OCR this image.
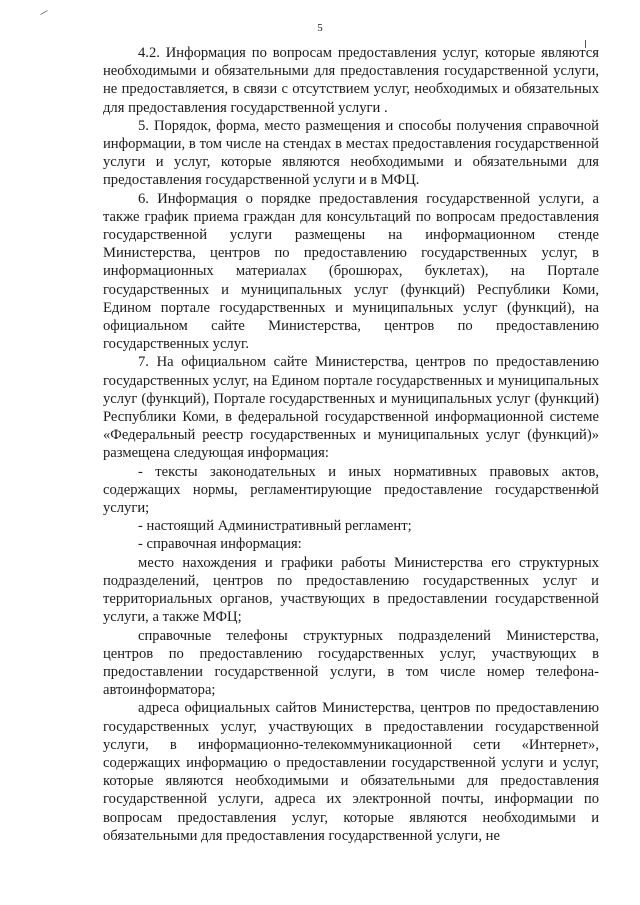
5

4.2. Информация по вопросам предоставления услуг, которые являются необходимыми и обязательными для предоставления государственной услуги, не предоставляется, в связи с отсутствием услуг, необходимых и обязательных для предоставления государственной услуги .

5. Порядок, форма, место размещения и способы получения справочной информации, в том числе на стендах в местах предоставления государственной услуги и услуг, которые являются необходимыми и обязательными для предоставления государственной услуги и в МФЦ.

6. Информация о порядке предоставления государственной услуги, а также график приема граждан для консультаций по вопросам предоставления государственной услуги размещены на информационном стенде Министерства, центров по предоставлению государственных услуг, в информационных материалах (брошюрах, буклетах), на Портале государственных и муниципальных услуг (функций) Республики Коми, Едином портале государственных и муниципальных услуг (функций), на официальном сайте Министерства, центров по предоставлению государственных услуг.

7. На официальном сайте Министерства, центров по предоставлению государственных услуг, на Едином портале государственных и муниципальных услуг (функций), Портале государственных и муниципальных услуг (функций) Республики Коми, в федеральной государственной информационной системе «Федеральный реестр государственных и муниципальных услуг (функций)» размещена следующая информация:

- тексты законодательных и иных нормативных правовых актов, содержащих нормы, регламентирующие предоставление государственной услуги;

- настоящий Административный регламент;

- справочная информация:

место нахождения и графики работы Министерства его структурных подразделений, центров по предоставлению государственных услуг и территориальных органов, участвующих в предоставлении государственной услуги, а также МФЦ;

справочные телефоны структурных подразделений Министерства, центров по предоставлению государственных услуг, участвующих в предоставлении государственной услуги, в том числе номер телефона-автоинформатора;

адреса официальных сайтов Министерства, центров по предоставлению государственных услуг, участвующих в предоставлении государственной услуги, в информационно-телекоммуникационной сети «Интернет», содержащих информацию о предоставлении государственной услуги и услуг, которые являются необходимыми и обязательными для предоставления государственной услуги, адреса их электронной почты, информации по вопросам предоставления услуг, которые являются необходимыми и обязательными для предоставления государственной услуги, не
